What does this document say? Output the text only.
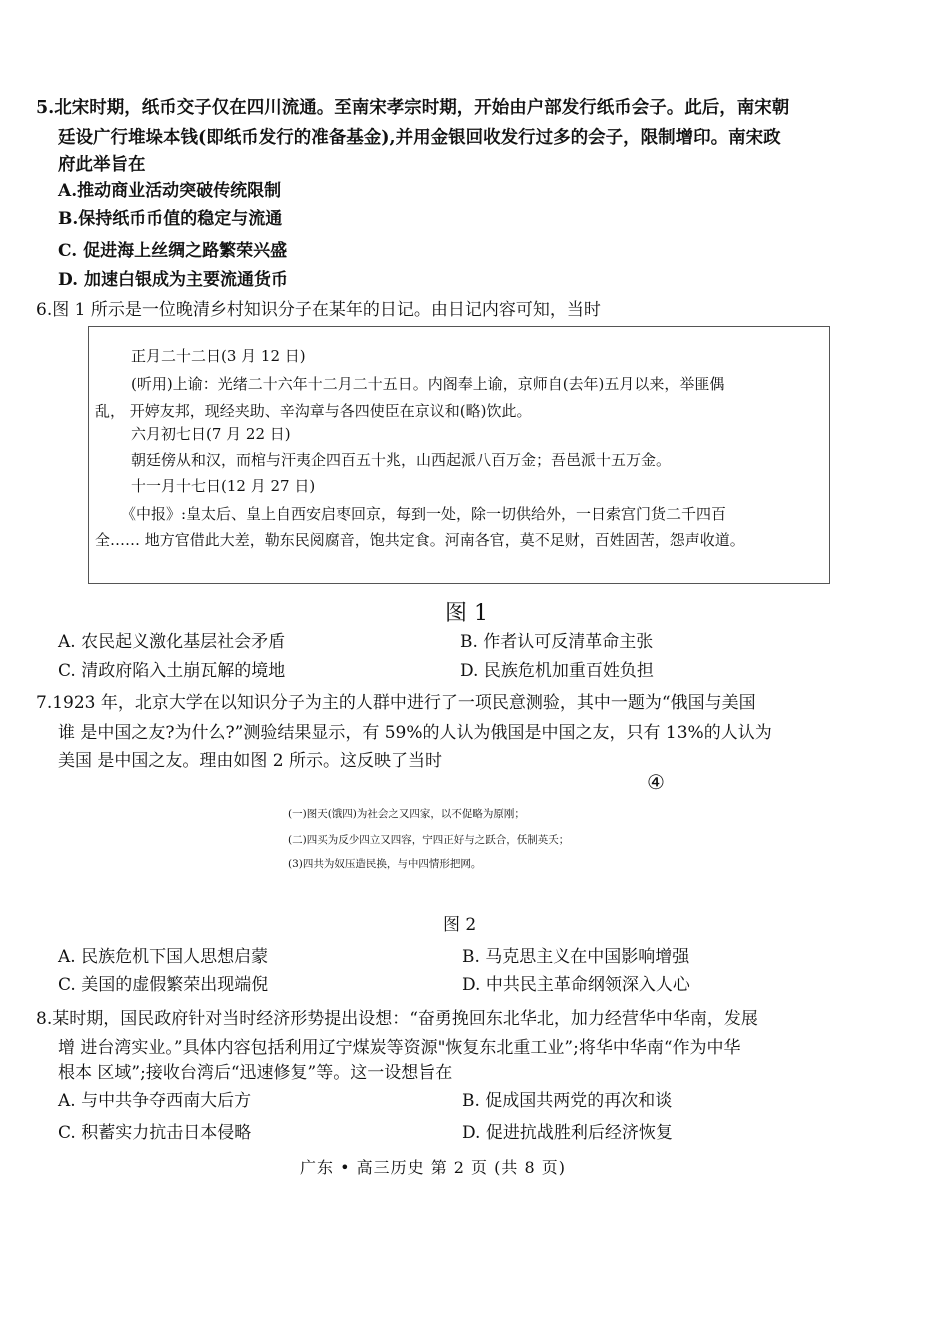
5.北宋时期，纸币交子仅在四川流通。至南宋孝宗时期，开始由户部发行纸币会子。此后，南宋朝
廷设广行堆垛本钱(即纸币发行的准备基金),并用金银回收发行过多的会子，限制增印。南宋政
府此举旨在
A.推动商业活动突破传统限制
B.保持纸币币值的稳定与流通
C. 促进海上丝绸之路繁荣兴盛
D. 加速白银成为主要流通货币
6.图 1 所示是一位晚清乡村知识分子在某年的日记。由日记内容可知，当时
正月二十二日(3 月 12 日)
(听用)上谕：光绪二十六年十二月二十五日。内阁奉上谕，京师自(去年)五月以来，举匪偶
乱， 开婷友邦，现经夹助、辛沟章与各四使臣在京议和(略)饮此。
六月初七日(7 月 22 日)
朝廷傍从和汉，而棺与汗夷企四百五十兆，山西起派八百万金；吾邑派十五万金。
十一月十七日(12 月 27 日)
《中报》:皇太后、皇上自西安启枣回京，每到一处，除一切供给外，一日索宫门货二千四百
全…… 地方官借此大差，勒东民阅腐音，饱共定食。河南各官，莫不足财，百姓固苦，怨声收道。
图 1
A. 农民起义激化基层社会矛盾	B. 作者认可反清革命主张
C. 清政府陷入土崩瓦解的境地	D. 民族危机加重百姓负担
7.1923 年，北京大学在以知识分子为主的人群中进行了一项民意测验，其中一题为“俄国与美国
谁 是中国之友?为什么?”测验结果显示，有 59%的人认为俄国是中国之友，只有 13%的人认为
美国 是中国之友。理由如图 2 所示。这反映了当时
④
(一)图天(饿四)为社会之又四家，以不促略为原刚；
(二)四买为反少四立又四容，宁四正好与之跃合，仸制英夭；
(3)四共为奴压造民换，与中四情形把网。
图 2
A. 民族危机下国人思想启蒙	B. 马克思主义在中国影响增强
C. 美国的虚假繁荣出现端倪	D. 中共民主革命纲领深入人心
8.某时期，国民政府针对当时经济形势提出设想：“奋勇挽回东北华北，加力经营华中华南，发展
增 进台湾实业。”具体内容包括利用辽宁煤炭等资源"恢复东北重工业”;将华中华南“作为中华
根本 区域”;接收台湾后“迅速修复”等。这一设想旨在
A. 与中共争夺西南大后方	B. 促成国共两党的再次和谈
C. 积蓄实力抗击日本侵略	D. 促进抗战胜利后经济恢复
广东 • 高三历史 第 2 页 (共 8 页)
